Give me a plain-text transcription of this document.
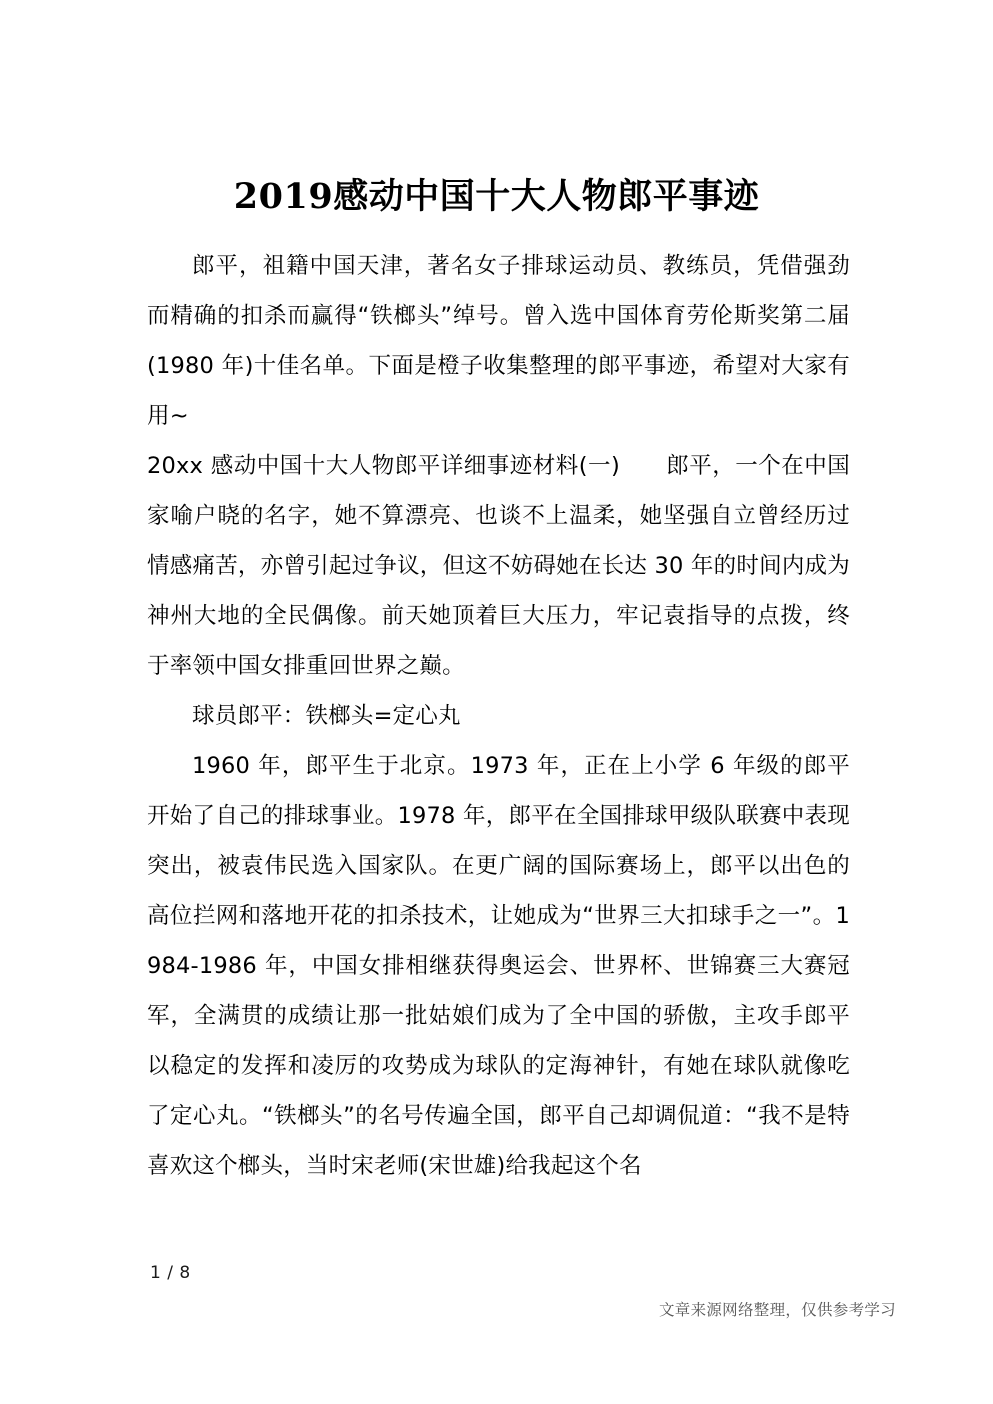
2019感动中国十大人物郎平事迹

郎平，祖籍中国天津，著名女子排球运动员、教练员，凭借强劲而精确的扣杀而赢得“铁榔头”绰号。曾入选中国体育劳伦斯奖第二届(1980 年)十佳名单。下面是橙子收集整理的郎平事迹，希望对大家有用~

20xx 感动中国十大人物郎平详细事迹材料(一)　　郎平，一个在中国家喻户晓的名字，她不算漂亮、也谈不上温柔，她坚强自立曾经历过情感痛苦，亦曾引起过争议，但这不妨碍她在长达 30 年的时间内成为神州大地的全民偶像。前天她顶着巨大压力，牢记袁指导的点拨，终于率领中国女排重回世界之巅。

球员郎平：铁榔头=定心丸

1960 年，郎平生于北京。1973 年，正在上小学 6 年级的郎平开始了自己的排球事业。1978 年，郎平在全国排球甲级队联赛中表现突出，被袁伟民选入国家队。在更广阔的国际赛场上，郎平以出色的高位拦网和落地开花的扣杀技术，让她成为“世界三大扣球手之一”。1984-1986 年，中国女排相继获得奥运会、世界杯、世锦赛三大赛冠军，全满贯的成绩让那一批姑娘们成为了全中国的骄傲，主攻手郎平以稳定的发挥和凌厉的攻势成为球队的定海神针，有她在球队就像吃了定心丸。“铁榔头”的名号传遍全国，郎平自己却调侃道：“我不是特喜欢这个榔头，当时宋老师(宋世雄)给我起这个名

1 / 8
文章来源网络整理，仅供参考学习
